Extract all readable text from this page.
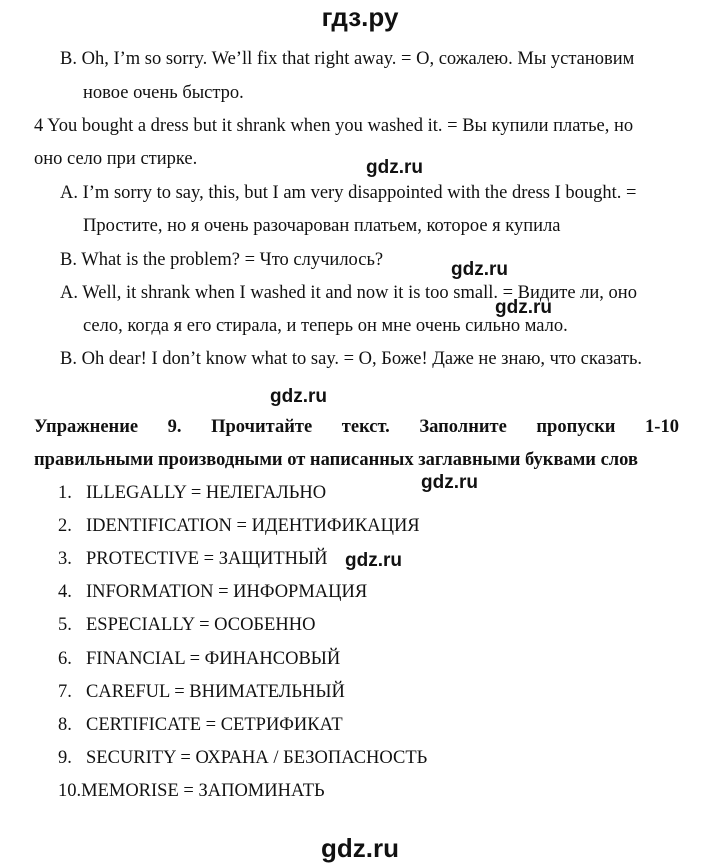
гдз.ру
B. Oh, I’m so sorry. We’ll fix that right away. = О, сожалею. Мы установим
новое очень быстро.
4 You bought a dress but it shrank when you washed it. = Вы купили платье, но
оно село при стирке.	gdz.ru
A. I’m sorry to say, this, but I am very disappointed with the dress I bought. =
Простите, но я очень разочарован платьем, которое я купила
B. What is the problem? = Что случилось?	gdz.ru
A. Well, it shrank when I washed it and now it is too small. = Видите ли, оно
gdz.ru
село, когда я его стирала, и теперь он мне очень сильно мало.
B. Oh dear! I don’t know what to say. = О, Боже! Даже не знаю, что сказать.
gdz.ru
Упражнение 9. Прочитайте текст. Заполните пропуски 1-10
правильными производными от написанных заглавными буквами слов
gdz.ru
1. ILLEGALLY = НЕЛЕГАЛЬНО
2. IDENTIFICATION = ИДЕНТИФИКАЦИЯ
3. PROTECTIVE = ЗАЩИТНЫЙ gdz.ru
4. INFORMATION = ИНФОРМАЦИЯ
5. ESPECIALLY = ОСОБЕННО
6. FINANCIAL = ФИНАНСОВЫЙ
7. CAREFUL = ВНИМАТЕЛЬНЫЙ
8. CERTIFICATE = СЕТРИФИКАТ
9. SECURITY = ОХРАНА / БЕЗОПАСНОСТЬ
10.MEMORISE = ЗАПОМИНАТЬ
gdz.ru
